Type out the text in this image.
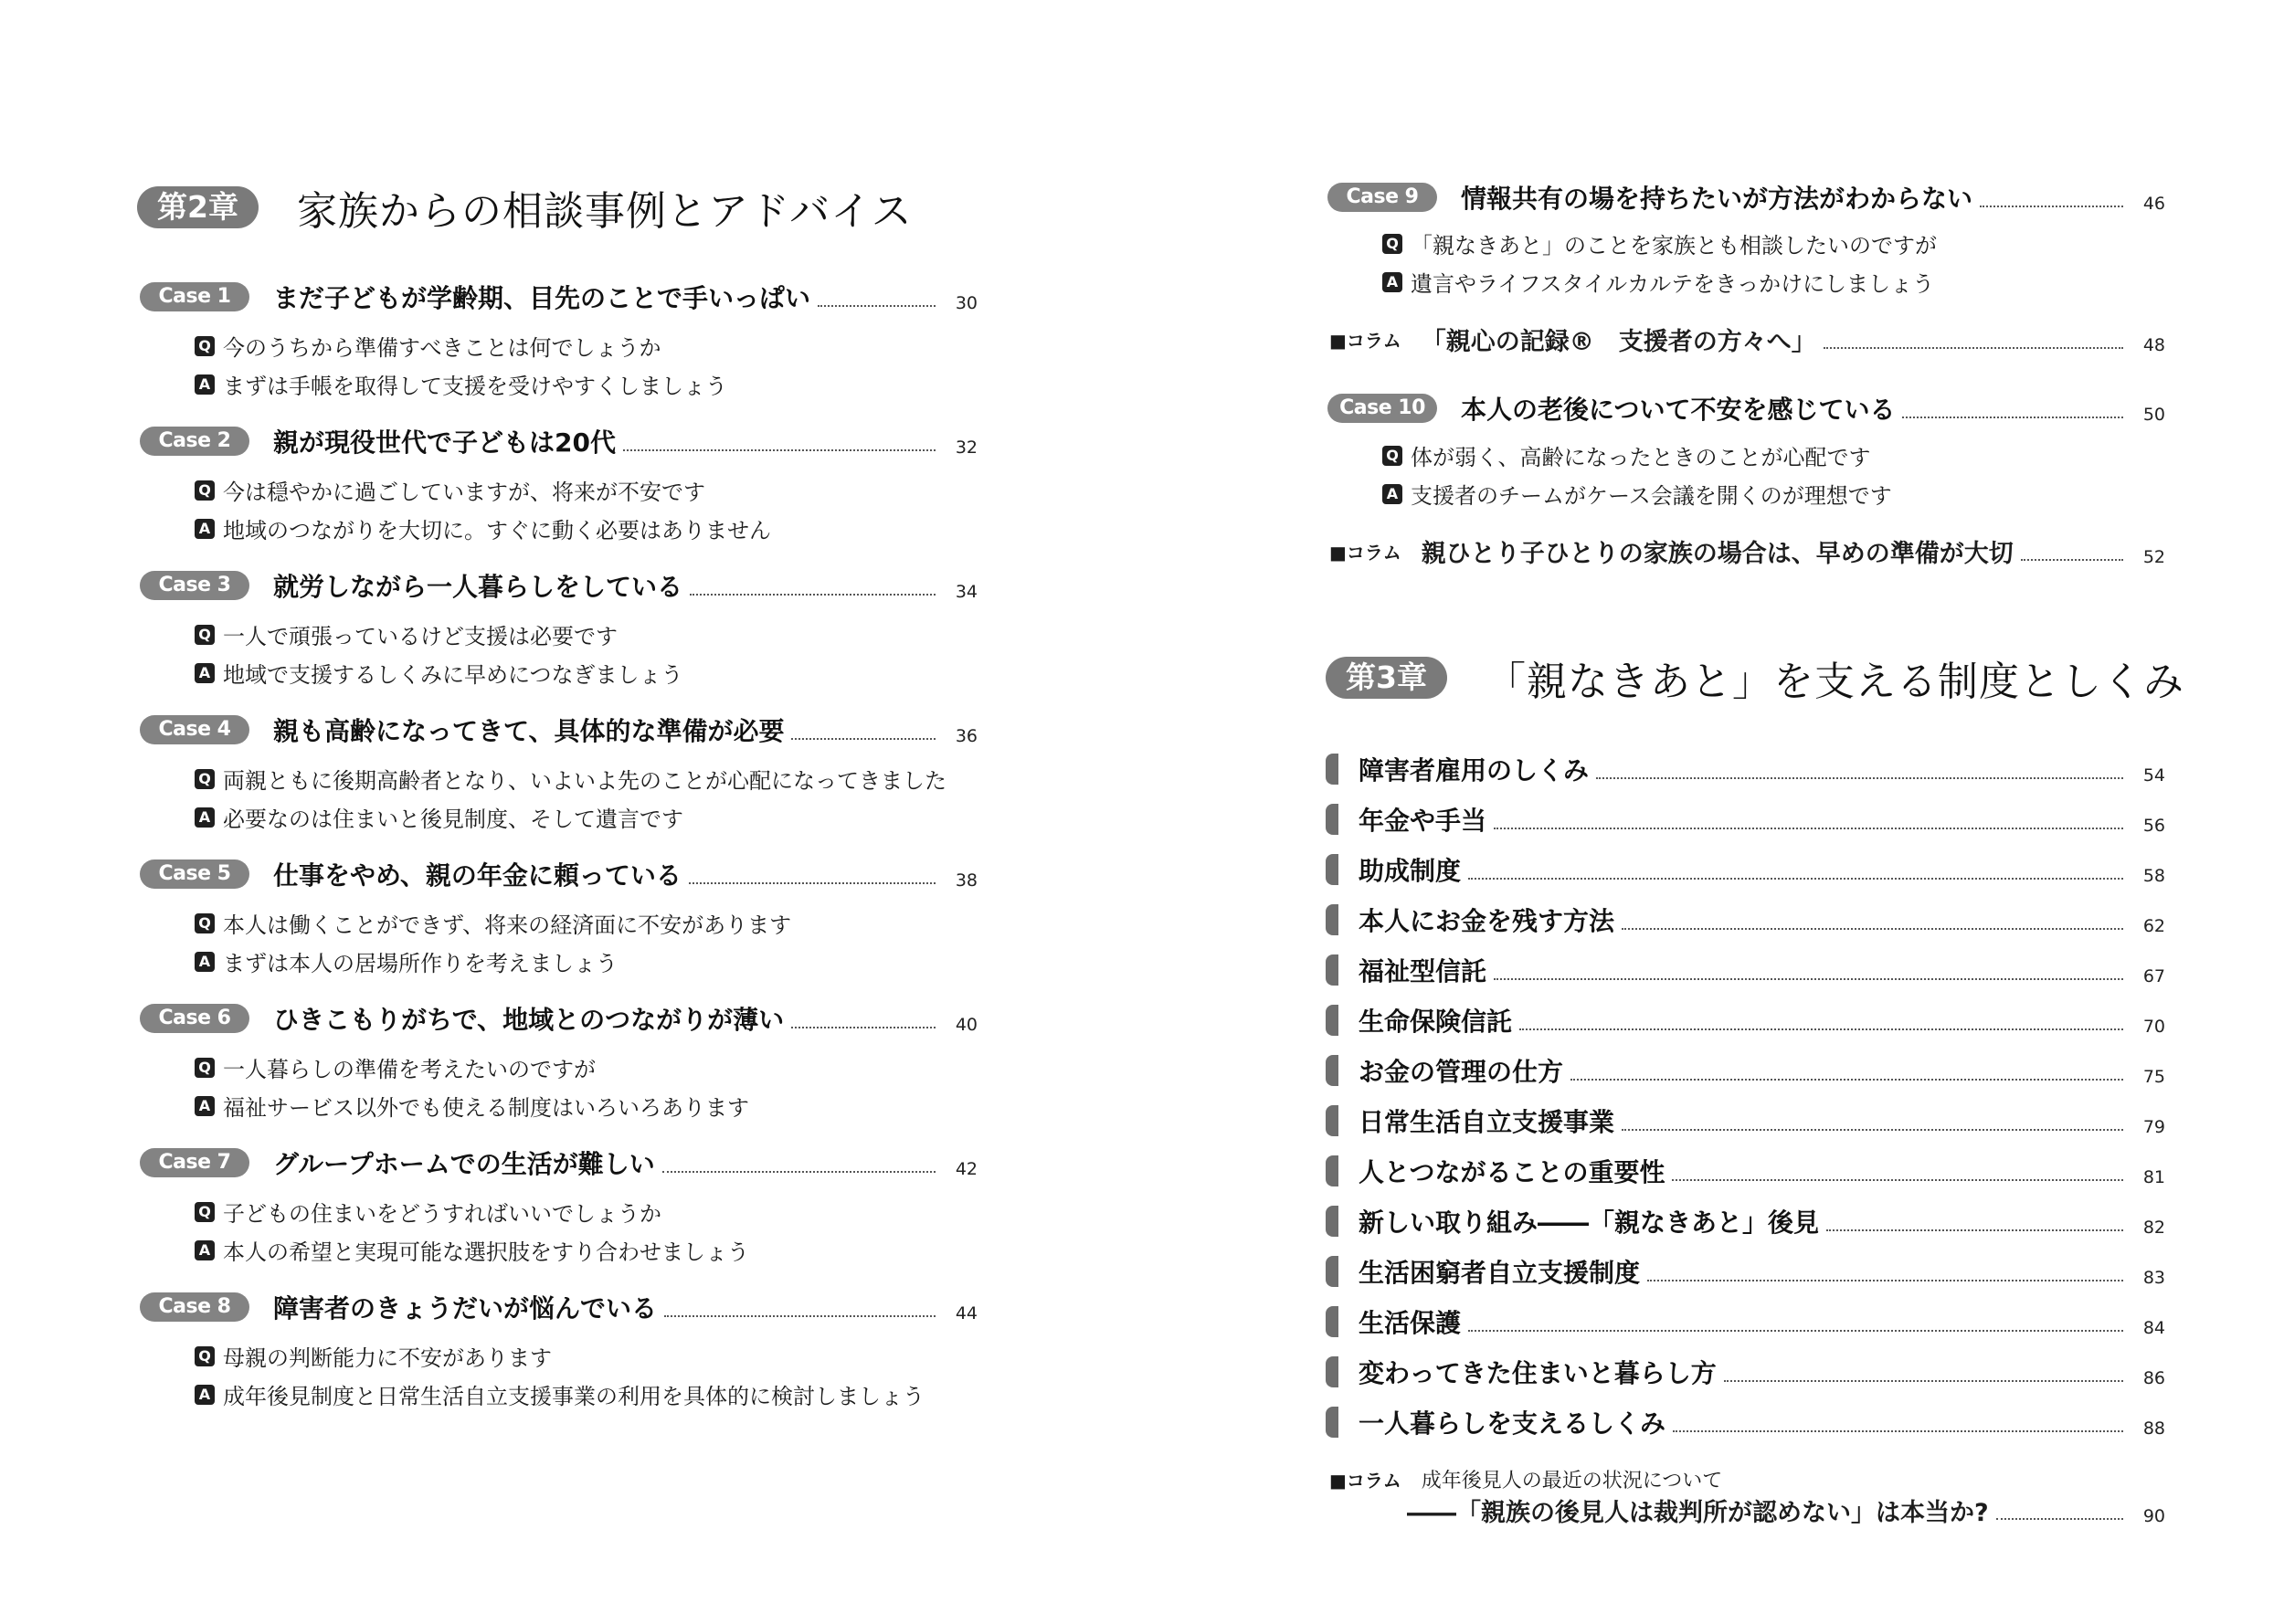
第2章	家族からの相談事例とアドバイス
Case 1	まだ子どもが学齢期、目先のことで手いっぱい	30
Q 今のうちから準備すべきことは何でしょうか
A まずは手帳を取得して支援を受けやすくしましょう
Case 2	親が現役世代で子どもは20代	32
Q 今は穏やかに過ごしていますが、将来が不安です
A 地域のつながりを大切に。すぐに動く必要はありません
Case 3	就労しながら一人暮らしをしている	34
Q 一人で頑張っているけど支援は必要です
A 地域で支援するしくみに早めにつなぎましょう
Case 4	親も高齢になってきて、具体的な準備が必要	36
Q 両親ともに後期高齢者となり、いよいよ先のことが心配になってきました
A 必要なのは住まいと後見制度、そして遺言です
Case 5	仕事をやめ、親の年金に頼っている	38
Q 本人は働くことができず、将来の経済面に不安があります
A まずは本人の居場所作りを考えましょう
Case 6	ひきこもりがちで、地域とのつながりが薄い	40
Q 一人暮らしの準備を考えたいのですが
A 福祉サービス以外でも使える制度はいろいろあります
Case 7	グループホームでの生活が難しい	42
Q 子どもの住まいをどうすればいいでしょうか
A 本人の希望と実現可能な選択肢をすり合わせましょう
Case 8	障害者のきょうだいが悩んでいる	44
Q 母親の判断能力に不安があります
A 成年後見制度と日常生活自立支援事業の利用を具体的に検討しましょう
Case 9	情報共有の場を持ちたいが方法がわからない	46
Q 「親なきあと」のことを家族とも相談したいのですが
A 遺言やライフスタイルカルテをきっかけにしましょう
■コラム 「親心の記録®　支援者の方々へ」	48
Case 10	本人の老後について不安を感じている	50
Q 体が弱く、高齢になったときのことが心配です
A 支援者のチームがケース会議を開くのが理想です
■コラム 親ひとり子ひとりの家族の場合は、早めの準備が大切	52
第3章	「親なきあと」を支える制度としくみ
障害者雇用のしくみ	54
年金や手当	56
助成制度	58
本人にお金を残す方法	62
福祉型信託	67
生命保険信託	70
お金の管理の仕方	75
日常生活自立支援事業	79
人とつながることの重要性	81
新しい取り組み――「親なきあと」後見	82
生活困窮者自立支援制度	83
生活保護	84
変わってきた住まいと暮らし方	86
一人暮らしを支えるしくみ	88
■コラム 成年後見人の最近の状況について
――「親族の後見人は裁判所が認めない」は本当か?	90
